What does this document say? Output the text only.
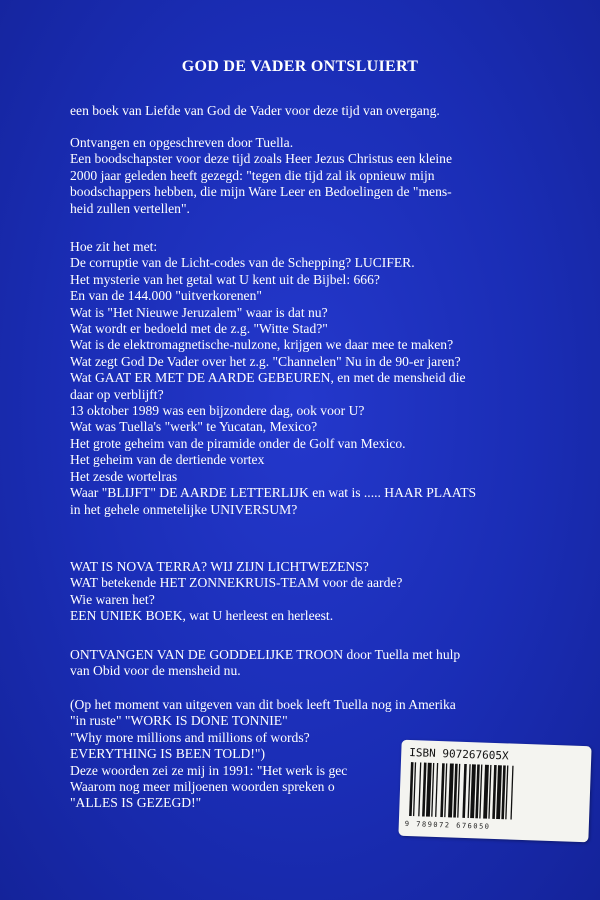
GOD DE VADER ONTSLUIERT
een boek van Liefde van God de Vader voor deze tijd van overgang.
Ontvangen en opgeschreven door Tuella.
Een boodschapster voor deze tijd zoals Heer Jezus Christus een kleine
2000 jaar geleden heeft gezegd: "tegen die tijd zal ik opnieuw mijn
boodschappers hebben, die mijn Ware Leer en Bedoelingen de "mens-
heid zullen vertellen".
Hoe zit het met:
De corruptie van de Licht-codes van de Schepping? LUCIFER.
Het mysterie van het getal wat U kent uit de Bijbel: 666?
En van de 144.000 "uitverkorenen"
Wat is "Het Nieuwe Jeruzalem" waar is dat nu?
Wat wordt er bedoeld met de z.g. "Witte Stad?"
Wat is de elektromagnetische-nulzone, krijgen we daar mee te maken?
Wat zegt God De Vader over het z.g. "Channelen" Nu in de 90-er jaren?
Wat GAAT ER MET DE AARDE GEBEUREN, en met de mensheid die
daar op verblijft?
13 oktober 1989 was een bijzondere dag, ook voor U?
Wat was Tuella's "werk" te Yucatan, Mexico?
Het grote geheim van de piramide onder de Golf van Mexico.
Het geheim van de dertiende vortex
Het zesde wortelras
Waar "BLIJFT" DE AARDE LETTERLIJK en wat is ..... HAAR PLAATS
in het gehele onmetelijke UNIVERSUM?
WAT IS NOVA TERRA? WIJ ZIJN LICHTWEZENS?
WAT betekende HET ZONNEKRUIS-TEAM voor de aarde?
Wie waren het?
EEN UNIEK BOEK, wat U herleest en herleest.
ONTVANGEN VAN DE GODDELIJKE TROON door Tuella met hulp
van Obid voor de mensheid nu.
(Op het moment van uitgeven van dit boek leeft Tuella nog in Amerika
"in ruste" "WORK IS DONE TONNIE"
"Why more millions and millions of words?
EVERYTHING IS BEEN TOLD!")
Deze woorden zei ze mij in 1991: "Het werk is gec
Waarom nog meer miljoenen woorden spreken o
"ALLES IS GEZEGD!"
ISBN 907267605X
9 789072 676050
